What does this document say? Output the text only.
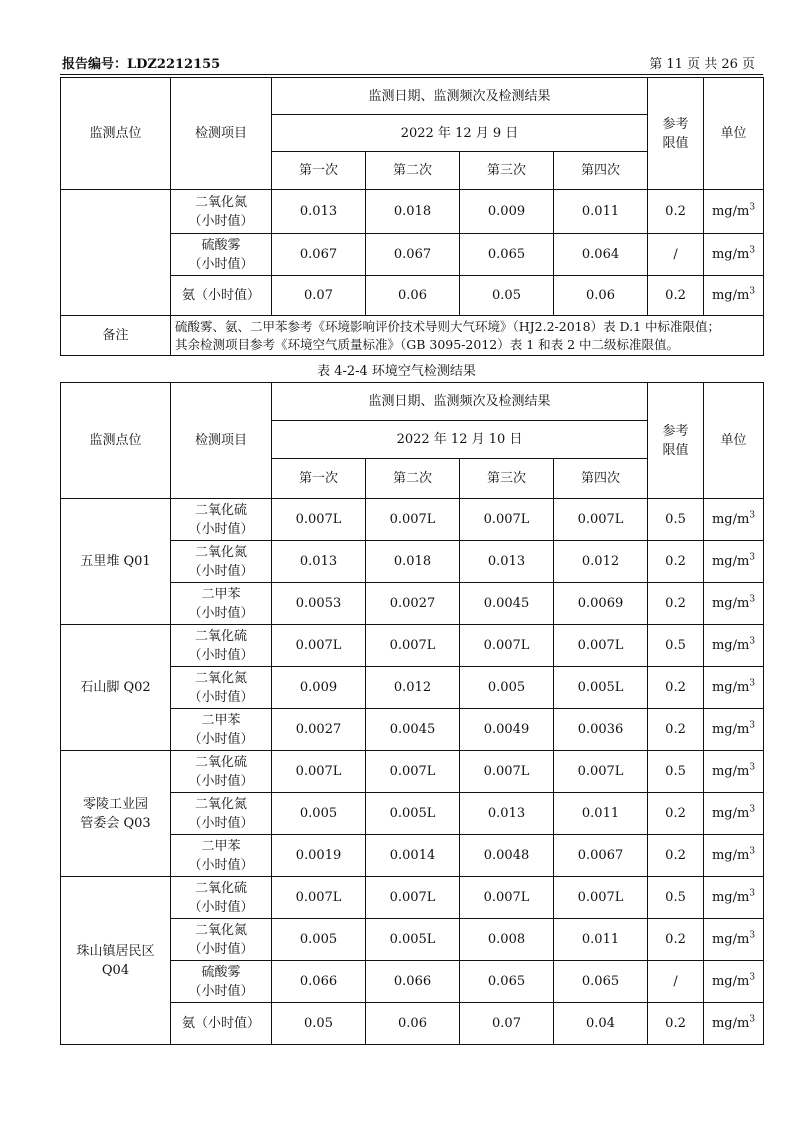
报告编号：LDZ2212155	第 11 页 共 26 页
监测点位	检测项目	监测日期、监测频次及检测结果				参考
限值	单位
		2022 年 12 月 9 日					
		第一次	第二次	第三次	第四次		

	二氧化氮
（小时值）	0.013	0.018	0.009	0.011	0.2	$mg/m^3$

	硫酸雾
（小时值）	0.067	0.067	0.065	0.064	/	$mg/m^3$

	氨（小时值）	0.07	0.06	0.05	0.06	0.2	$mg/m^3$
备注	硫酸雾、氨、二甲苯参考《环境影响评价技术导则大气环境》（HJ2.2-2018）表 D.1 中标准限值；
其余检测项目参考《环境空气质量标准》（GB 3095-2012）表 1 和表 2 中二级标准限值。						
表 4-2-4 环境空气检测结果
监测点位	检测项目	监测日期、监测频次及检测结果				参考
限值	单位
		2022 年 12 月 10 日					
		第一次	第二次	第三次	第四次		

五里堆 Q01	二氧化硫
（小时值）	0.007L	0.007L	0.007L	0.007L	0.5	$mg/m^3$

	二氧化氮
（小时值）	0.013	0.018	0.013	0.012	0.2	$mg/m^3$

	二甲苯
（小时值）	0.0053	0.0027	0.0045	0.0069	0.2	$mg/m^3$

石山脚 Q02	二氧化硫
（小时值）	0.007L	0.007L	0.007L	0.007L	0.5	$mg/m^3$

	二氧化氮
（小时值）	0.009	0.012	0.005	0.005L	0.2	$mg/m^3$

	二甲苯
（小时值）	0.0027	0.0045	0.0049	0.0036	0.2	$mg/m^3$

零陵工业园
管委会 Q03	二氧化硫
（小时值）	0.007L	0.007L	0.007L	0.007L	0.5	$mg/m^3$

	二氧化氮
（小时值）	0.005	0.005L	0.013	0.011	0.2	$mg/m^3$

	二甲苯
（小时值）	0.0019	0.0014	0.0048	0.0067	0.2	$mg/m^3$

珠山镇居民区
Q04	二氧化硫
（小时值）	0.007L	0.007L	0.007L	0.007L	0.5	$mg/m^3$

	二氧化氮
（小时值）	0.005	0.005L	0.008	0.011	0.2	$mg/m^3$

	硫酸雾
（小时值）	0.066	0.066	0.065	0.065	/	$mg/m^3$

	氨（小时值）	0.05	0.06	0.07	0.04	0.2	$mg/m^3$
